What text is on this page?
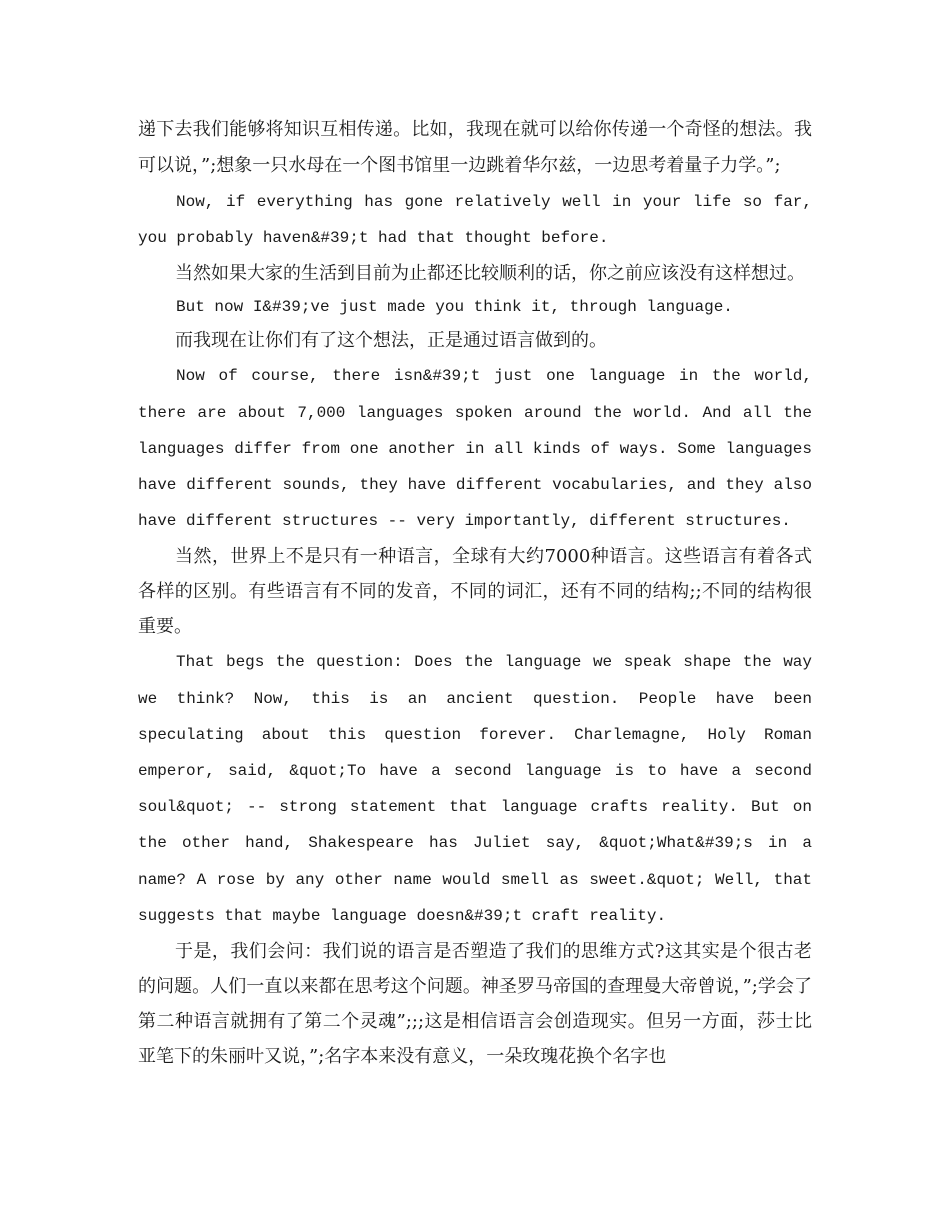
递下去我们能够将知识互相传递。比如，我现在就可以给你传递一个奇怪的想法。我可以说，”;想象一只水母在一个图书馆里一边跳着华尔兹，一边思考着量子力学。”;

Now, if everything has gone relatively well in your life so far, you probably haven&#39;t had that thought before.

当然如果大家的生活到目前为止都还比较顺利的话，你之前应该没有这样想过。

But now I&#39;ve just made you think it, through language.

而我现在让你们有了这个想法，正是通过语言做到的。

Now of course, there isn&#39;t just one language in the world, there are about 7,000 languages spoken around the world. And all the languages differ from one another in all kinds of ways. Some languages have different sounds, they have different vocabularies, and they also have different structures -- very importantly, different structures.

当然，世界上不是只有一种语言，全球有大约7000种语言。这些语言有着各式各样的区别。有些语言有不同的发音，不同的词汇，还有不同的结构;;不同的结构很重要。

That begs the question: Does the language we speak shape the way we think? Now, this is an ancient question. People have been speculating about this question forever. Charlemagne, Holy Roman emperor, said, &quot;To have a second language is to have a second soul&quot; -- strong statement that language crafts reality. But on the other hand, Shakespeare has Juliet say, &quot;What&#39;s in a name? A rose by any other name would smell as sweet.&quot; Well, that suggests that maybe language doesn&#39;t craft reality.

于是，我们会问：我们说的语言是否塑造了我们的思维方式?这其实是个很古老的问题。人们一直以来都在思考这个问题。神圣罗马帝国的查理曼大帝曾说，”;学会了第二种语言就拥有了第二个灵魂”;;;这是相信语言会创造现实。但另一方面，莎士比亚笔下的朱丽叶又说，”;名字本来没有意义，一朵玫瑰花换个名字也
